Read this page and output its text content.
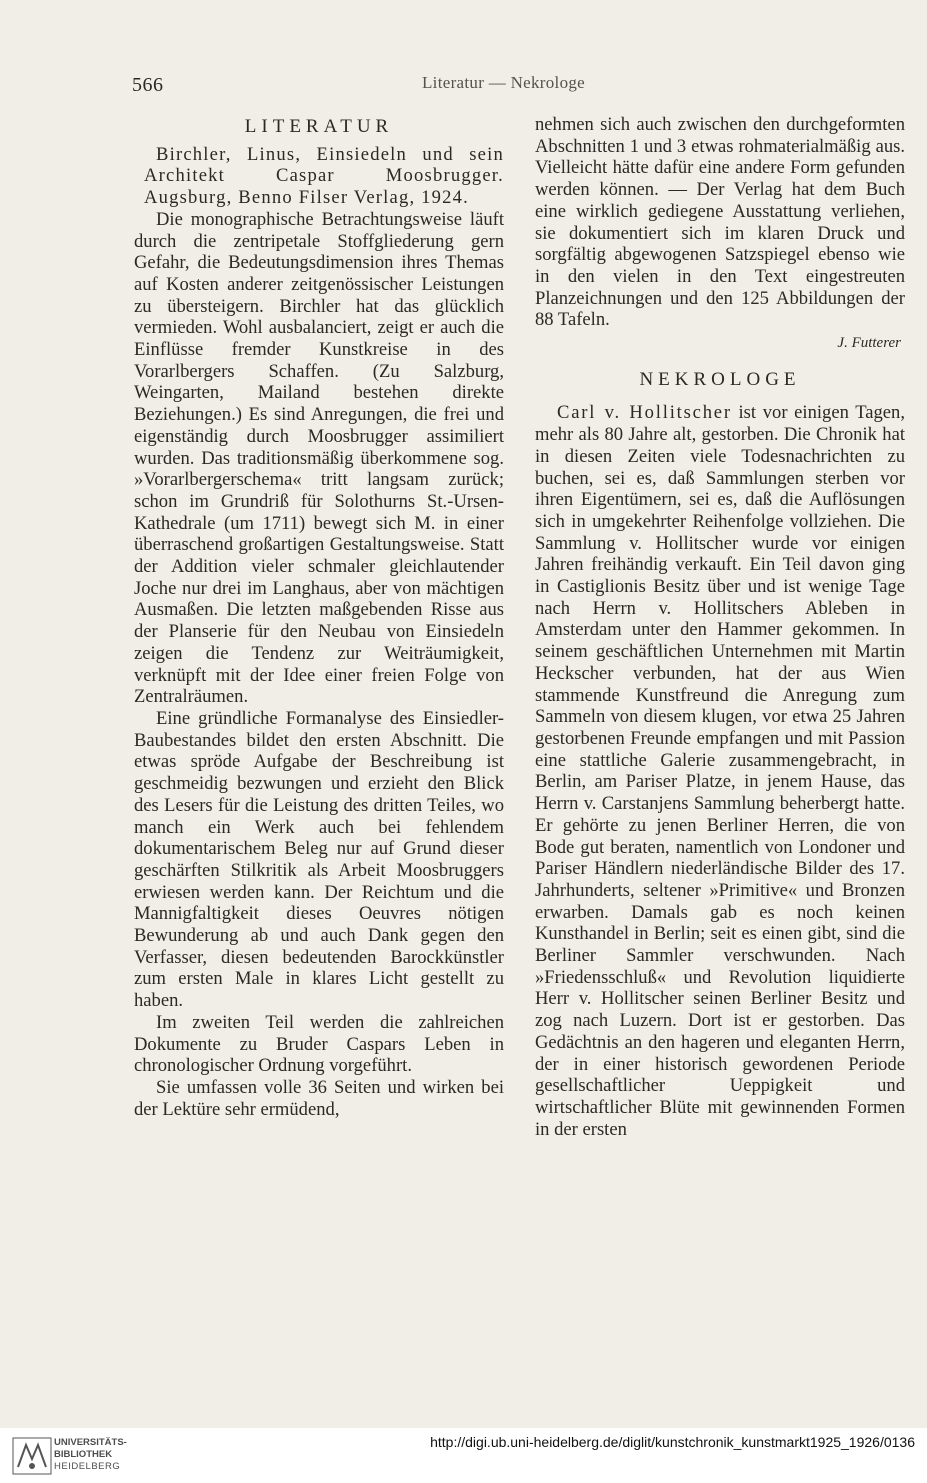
566	Literatur — Nekrologe
LITERATUR

Birchler, Linus, Einsiedeln und sein Architekt Caspar Moosbrugger. Augsburg, Benno Filser Verlag, 1924.

Die monographische Betrachtungsweise läuft durch die zentripetale Stoffgliederung gern Gefahr, die Bedeutungsdimension ihres Themas auf Kosten anderer zeitgenössischer Leistungen zu übersteigern. Birchler hat das glücklich vermieden. Wohl ausbalanciert, zeigt er auch die Einflüsse fremder Kunstkreise in des Vorarlbergers Schaffen. (Zu Salzburg, Weingarten, Mailand bestehen direkte Beziehungen.) Es sind Anregungen, die frei und eigenständig durch Moosbrugger assimiliert wurden. Das traditionsmäßig überkommene sog. »Vorarlbergerschema« tritt langsam zurück; schon im Grundriß für Solothurns St.-Ursen-Kathedrale (um 1711) bewegt sich M. in einer überraschend großartigen Gestaltungsweise. Statt der Addition vieler schmaler gleichlautender Joche nur drei im Langhaus, aber von mächtigen Ausmaßen. Die letzten maßgebenden Risse aus der Planserie für den Neubau von Einsiedeln zeigen die Tendenz zur Weiträumigkeit, verknüpft mit der Idee einer freien Folge von Zentralräumen.

Eine gründliche Formanalyse des Einsiedler-Baubestandes bildet den ersten Abschnitt. Die etwas spröde Aufgabe der Beschreibung ist geschmeidig bezwungen und erzieht den Blick des Lesers für die Leistung des dritten Teiles, wo manch ein Werk auch bei fehlendem dokumentarischem Beleg nur auf Grund dieser geschärften Stilkritik als Arbeit Moosbruggers erwiesen werden kann. Der Reichtum und die Mannigfaltigkeit dieses Oeuvres nötigen Bewunderung ab und auch Dank gegen den Verfasser, diesen bedeutenden Barockkünstler zum ersten Male in klares Licht gestellt zu haben.

Im zweiten Teil werden die zahlreichen Dokumente zu Bruder Caspars Leben in chronologischer Ordnung vorgeführt.

Sie umfassen volle 36 Seiten und wirken bei der Lektüre sehr ermüdend,

nehmen sich auch zwischen den durchgeformten Abschnitten 1 und 3 etwas rohmaterialmäßig aus. Vielleicht hätte dafür eine andere Form gefunden werden können. — Der Verlag hat dem Buch eine wirklich gediegene Ausstattung verliehen, sie dokumentiert sich im klaren Druck und sorgfältig abgewogenen Satzspiegel ebenso wie in den vielen in den Text eingestreuten Planzeichnungen und den 125 Abbildungen der 88 Tafeln.

J. Futterer
NEKROLOGE

Carl v. Hollitscher ist vor einigen Tagen, mehr als 80 Jahre alt, gestorben. Die Chronik hat in diesen Zeiten viele Todesnachrichten zu buchen, sei es, daß Sammlungen sterben vor ihren Eigentümern, sei es, daß die Auflösungen sich in umgekehrter Reihenfolge vollziehen. Die Sammlung v. Hollitscher wurde vor einigen Jahren freihändig verkauft. Ein Teil davon ging in Castiglionis Besitz über und ist wenige Tage nach Herrn v. Hollitschers Ableben in Amsterdam unter den Hammer gekommen. In seinem geschäftlichen Unternehmen mit Martin Heckscher verbunden, hat der aus Wien stammende Kunstfreund die Anregung zum Sammeln von diesem klugen, vor etwa 25 Jahren gestorbenen Freunde empfangen und mit Passion eine stattliche Galerie zusammengebracht, in Berlin, am Pariser Platze, in jenem Hause, das Herrn v. Carstanjens Sammlung beherbergt hatte. Er gehörte zu jenen Berliner Herren, die von Bode gut beraten, namentlich von Londoner und Pariser Händlern niederländische Bilder des 17. Jahrhunderts, seltener »Primitive« und Bronzen erwarben. Damals gab es noch keinen Kunsthandel in Berlin; seit es einen gibt, sind die Berliner Sammler verschwunden. Nach »Friedensschluß« und Revolution liquidierte Herr v. Hollitscher seinen Berliner Besitz und zog nach Luzern. Dort ist er gestorben. Das Gedächtnis an den hageren und eleganten Herrn, der in einer historisch gewordenen Periode gesellschaftlicher Ueppigkeit und wirtschaftlicher Blüte mit gewinnenden Formen in der ersten

UNIVERSITÄTS-
BIBLIOTHEK
HEIDELBERG
http://digi.ub.uni-heidelberg.de/diglit/kunstchronik_kunstmarkt1925_1926/0136
